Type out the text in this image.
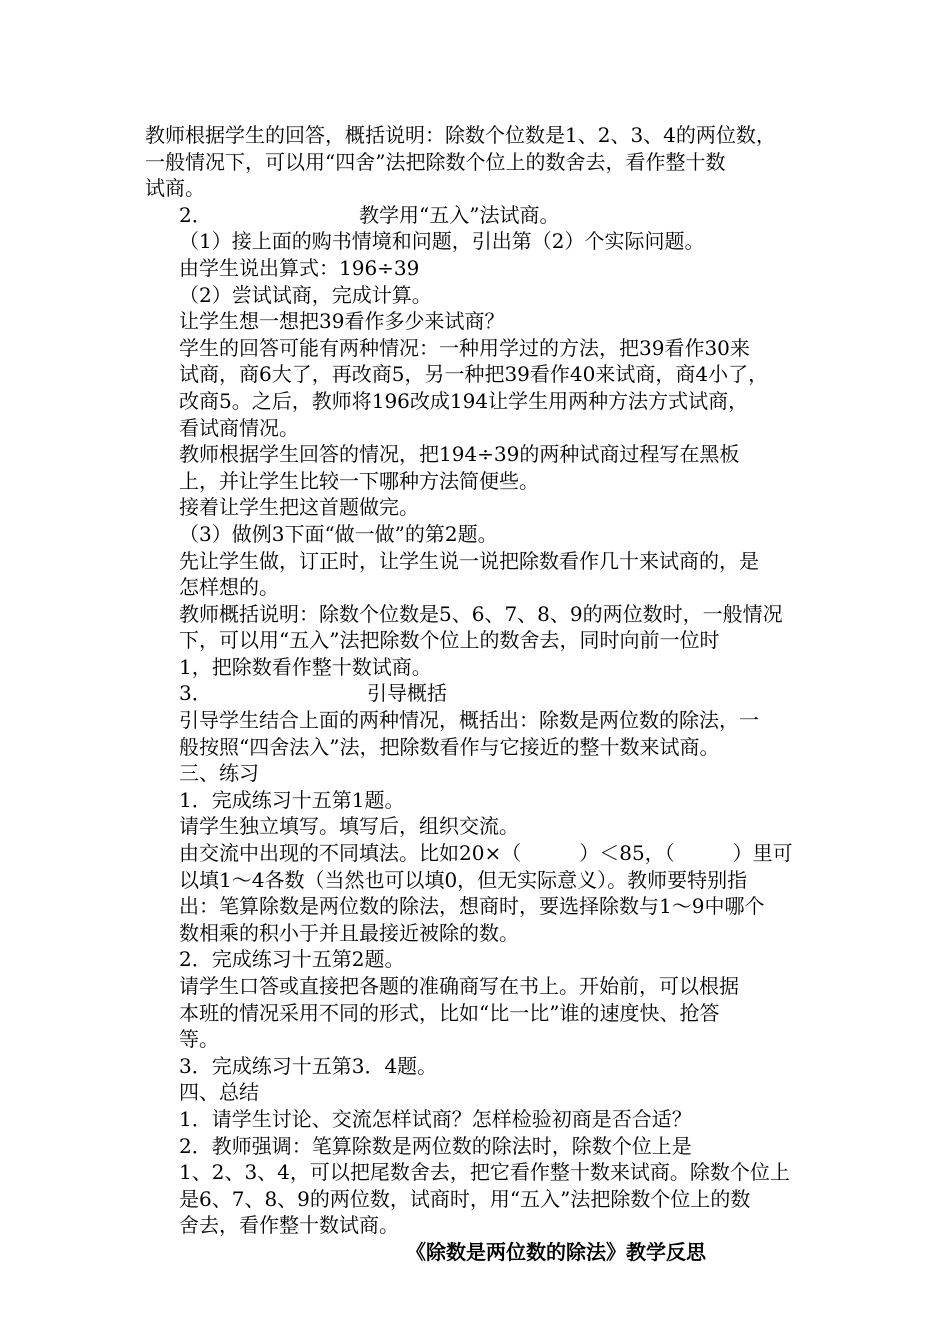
教师根据学生的回答，概括说明：除数个位数是1、2、3、4的两位数，
一般情况下，可以用“四舍”法把除数个位上的数舍去，看作整十数
试商。
2．	教学用“五入”法试商。
（1）接上面的购书情境和问题，引出第（2）个实际问题。
由学生说出算式：196÷39
（2）尝试试商，完成计算。
让学生想一想把39看作多少来试商？
学生的回答可能有两种情况：一种用学过的方法，把39看作30来
试商，商6大了，再改商5，另一种把39看作40来试商，商4小了，
改商5。之后，教师将196改成194让学生用两种方法方式试商，
看试商情况。
教师根据学生回答的情况，把194÷39的两种试商过程写在黑板
上，并让学生比较一下哪种方法简便些。
接着让学生把这首题做完。
（3）做例3下面“做一做”的第2题。
先让学生做，订正时，让学生说一说把除数看作几十来试商的，是
怎样想的。
教师概括说明：除数个位数是5、6、7、8、9的两位数时，一般情况
下，可以用“五入”法把除数个位上的数舍去，同时向前一位时
1，把除数看作整十数试商。
3．	引导概括
引导学生结合上面的两种情况，概括出：除数是两位数的除法，一
般按照“四舍法入”法，把除数看作与它接近的整十数来试商。
三、练习
1．完成练习十五第1题。
请学生独立填写。填写后，组织交流。
由交流中出现的不同填法。比如20×（	）＜85，（	）里可
以填1～4各数（当然也可以填0，但无实际意义）。教师要特别指
出：笔算除数是两位数的除法，想商时，要选择除数与1～9中哪个
数相乘的积小于并且最接近被除的数。
2．完成练习十五第2题。
请学生口答或直接把各题的准确商写在书上。开始前，可以根据
本班的情况采用不同的形式，比如“比一比”谁的速度快、抢答
等。
3．完成练习十五第3．4题。
四、总结
1．请学生讨论、交流怎样试商？怎样检验初商是否合适？
2．教师强调：笔算除数是两位数的除法时，除数个位上是
1、2、3、4，可以把尾数舍去，把它看作整十数来试商。除数个位上
是6、7、8、9的两位数，试商时，用“五入”法把除数个位上的数
舍去，看作整十数试商。
《除数是两位数的除法》教学反思
